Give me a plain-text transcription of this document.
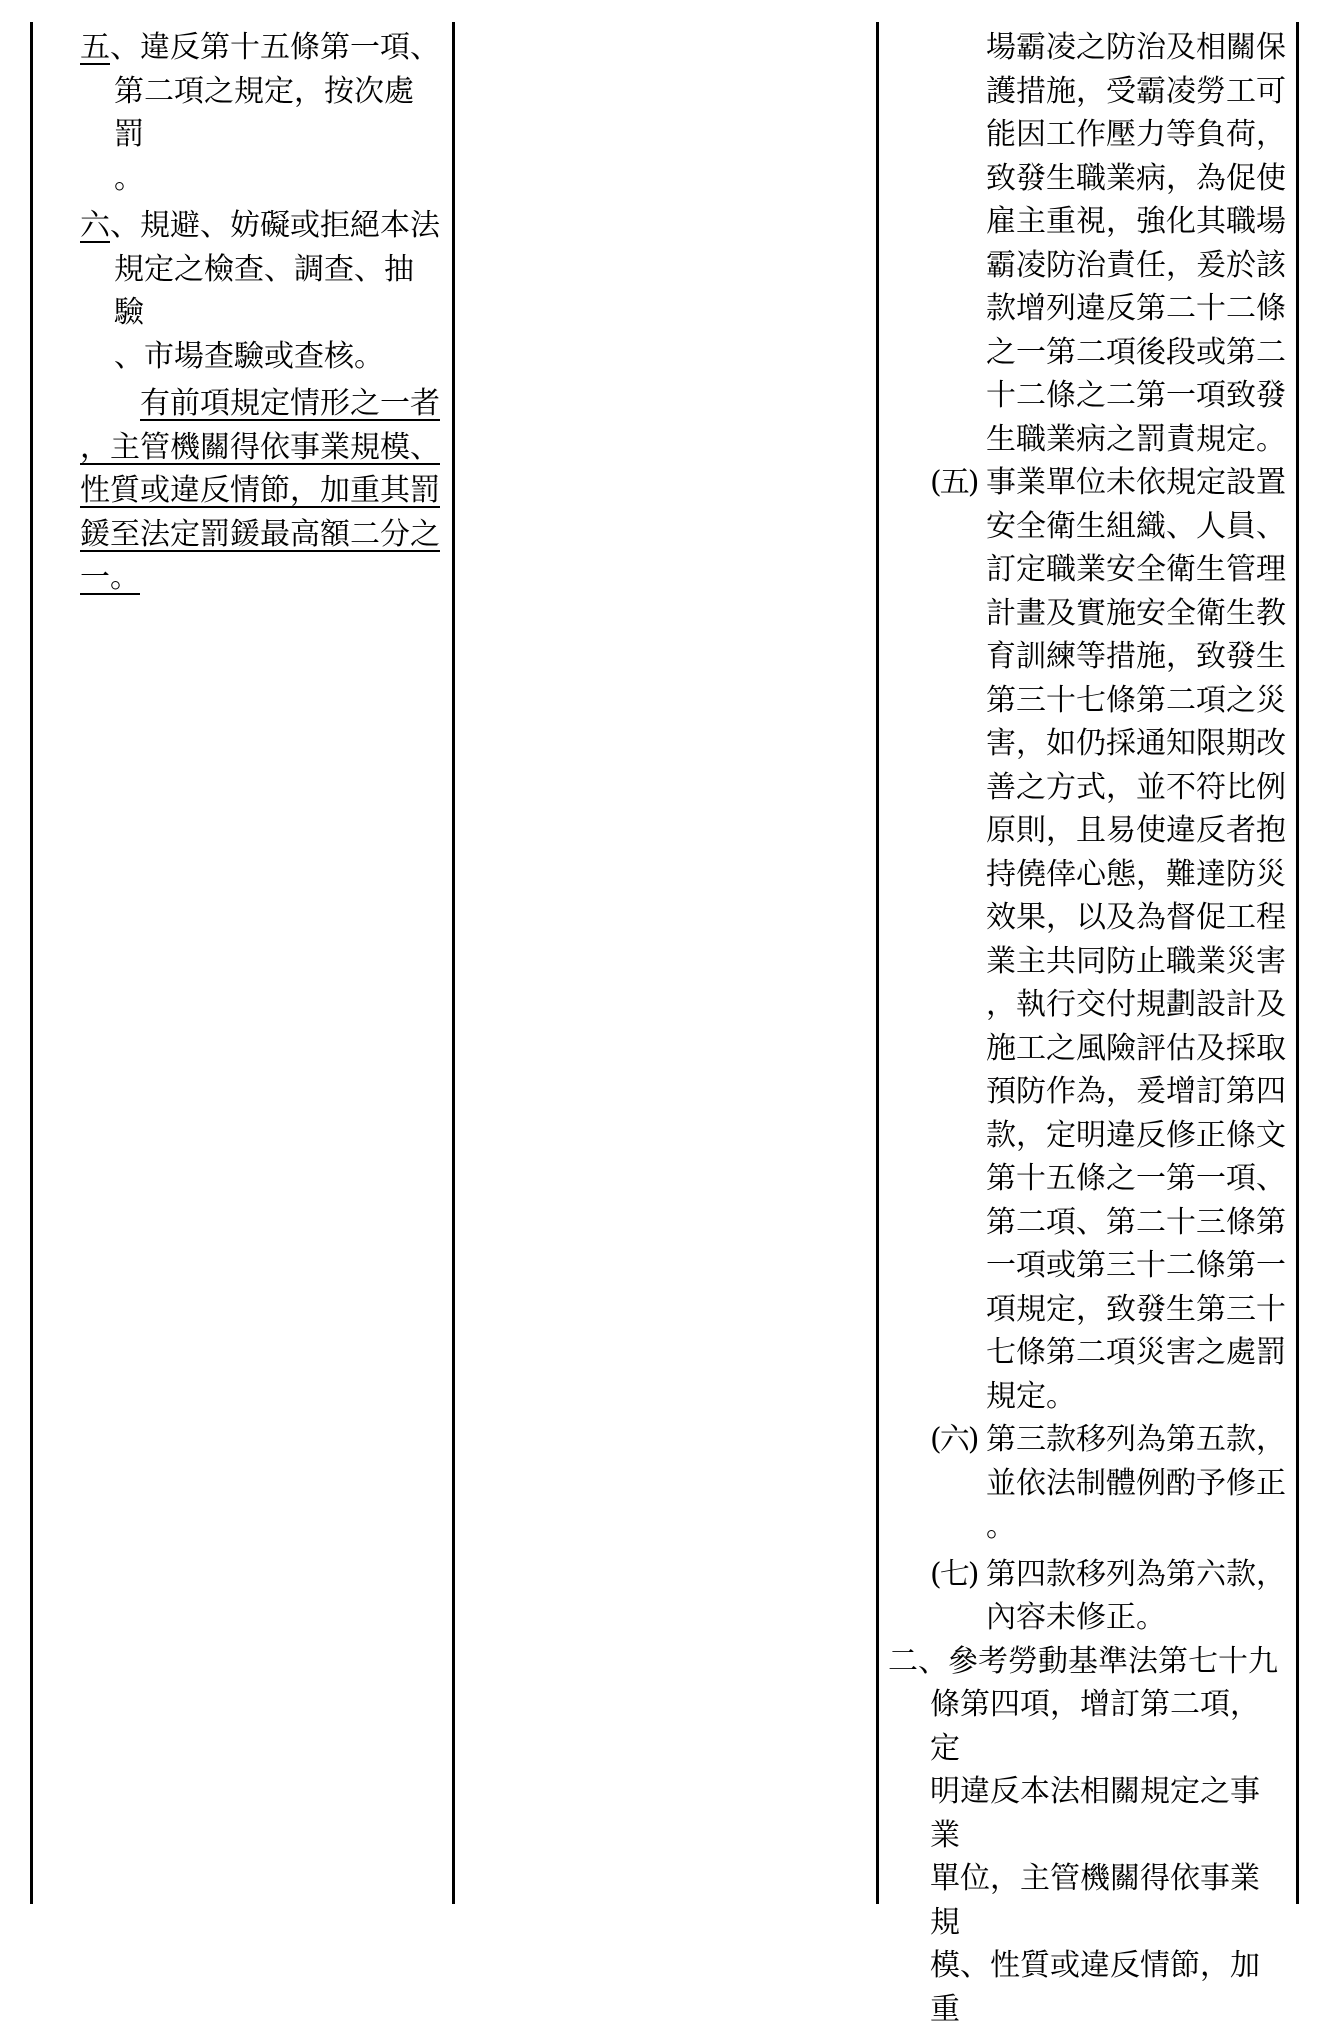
五、違反第十五條第一項、

第二項之規定，按次處罰

。

六、規避、妨礙或拒絕本法

規定之檢查、調查、抽驗

、市場查驗或查核。

有前項規定情形之一者

，主管機關得依事業規模、

性質或違反情節，加重其罰

鍰至法定罰鍰最高額二分之

一。

場霸凌之防治及相關保

護措施，受霸凌勞工可

能因工作壓力等負荷，

致發生職業病，為促使

雇主重視，強化其職場

霸凌防治責任，爰於該

款增列違反第二十二條

之一第二項後段或第二

十二條之二第一項致發

生職業病之罰責規定。

(五) 事業單位未依規定設置

安全衛生組織、人員、

訂定職業安全衛生管理

計畫及實施安全衛生教

育訓練等措施，致發生

第三十七條第二項之災

害，如仍採通知限期改

善之方式，並不符比例

原則，且易使違反者抱

持僥倖心態，難達防災

效果，以及為督促工程

業主共同防止職業災害

，執行交付規劃設計及

施工之風險評估及採取

預防作為，爰增訂第四

款，定明違反修正條文

第十五條之一第一項、

第二項、第二十三條第

一項或第三十二條第一

項規定，致發生第三十

七條第二項災害之處罰

規定。

(六) 第三款移列為第五款，

並依法制體例酌予修正

。

(七) 第四款移列為第六款，

內容未修正。

二、參考勞動基準法第七十九

條第四項，增訂第二項，定

明違反本法相關規定之事業

單位，主管機關得依事業規

模、性質或違反情節，加重
